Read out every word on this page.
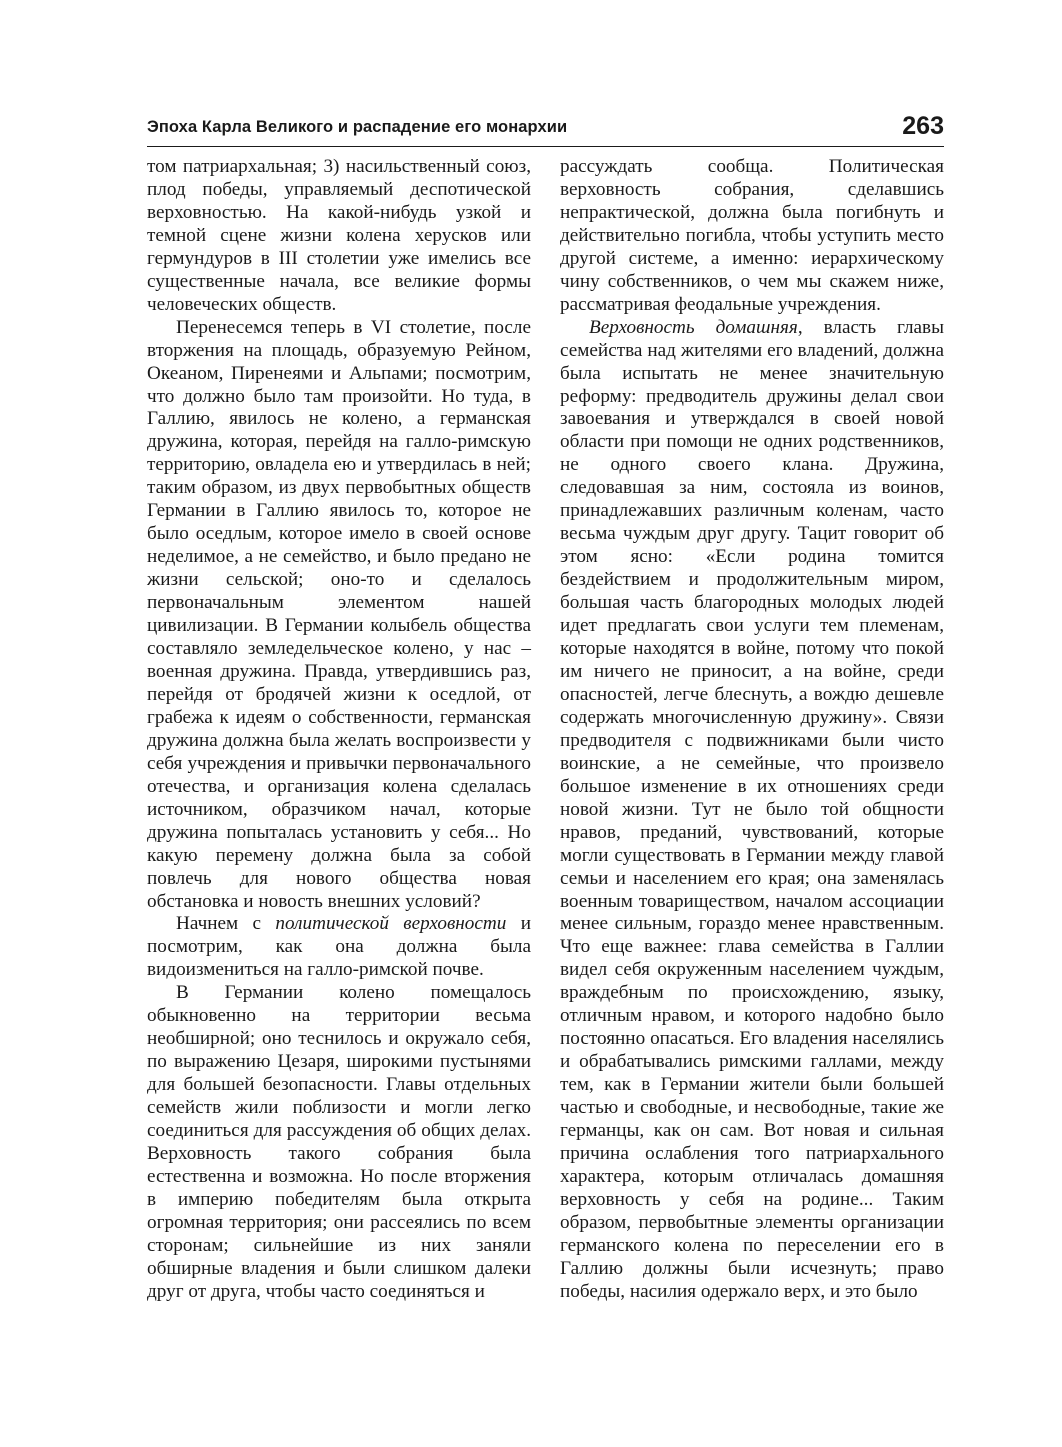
Эпоха Карла Великого и распадение его монархии	263

том патриархальная; 3) насильственный союз, плод победы, управляемый деспотической верховностью. На какой-нибудь узкой и темной сцене жизни колена херусков или гермундуров в III столетии уже имелись все существенные начала, все великие формы человеческих обществ.

Перенесемся теперь в VI столетие, после вторжения на площадь, образуемую Рейном, Океаном, Пиренеями и Альпами; посмотрим, что должно было там произойти. Но туда, в Галлию, явилось не колено, а германская дружина, которая, перейдя на галло-римскую территорию, овладела ею и утвердилась в ней; таким образом, из двух первобытных обществ Германии в Галлию явилось то, которое не было оседлым, которое имело в своей основе неделимое, а не семейство, и было предано не жизни сельской; оно-то и сделалось первоначальным элементом нашей цивилизации. В Германии колыбель общества составляло земледельческое колено, у нас – военная дружина. Правда, утвердившись раз, перейдя от бродячей жизни к оседлой, от грабежа к идеям о собственности, германская дружина должна была желать воспроизвести у себя учреждения и привычки первоначального отечества, и организация колена сделалась источником, образчиком начал, которые дружина попыталась установить у себя... Но какую перемену должна была за собой повлечь для нового общества новая обстановка и новость внешних условий?

Начнем с политической верховности и посмотрим, как она должна была видоизмениться на галло-римской почве.

В Германии колено помещалось обыкновенно на территории весьма необширной; оно теснилось и окружало себя, по выражению Цезаря, широкими пустынями для большей безопасности. Главы отдельных семейств жили поблизости и могли легко соединиться для рассуждения об общих делах. Верховность такого собрания была естественна и возможна. Но после вторжения в империю победителям была открыта огромная территория; они рассеялись по всем сторонам; сильнейшие из них заняли обширные владения и были слишком далеки друг от друга, чтобы часто соединяться и

рассуждать сообща. Политическая верховность собрания, сделавшись непрактической, должна была погибнуть и действительно погибла, чтобы уступить место другой системе, а именно: иерархическому чину собственников, о чем мы скажем ниже, рассматривая феодальные учреждения.

Верховность домашняя, власть главы семейства над жителями его владений, должна была испытать не менее значительную реформу: предводитель дружины делал свои завоевания и утверждался в своей новой области при помощи не одних родственников, не одного своего клана. Дружина, следовавшая за ним, состояла из воинов, принадлежавших различным коленам, часто весьма чуждым друг другу. Тацит говорит об этом ясно: «Если родина томится бездействием и продолжительным миром, большая часть благородных молодых людей идет предлагать свои услуги тем племенам, которые находятся в войне, потому что покой им ничего не приносит, а на войне, среди опасностей, легче блеснуть, а вождю дешевле содержать многочисленную дружину». Связи предводителя с подвижниками были чисто воинские, а не семейные, что произвело большое изменение в их отношениях среди новой жизни. Тут не было той общности нравов, преданий, чувствований, которые могли существовать в Германии между главой семьи и населением его края; она заменялась военным товариществом, началом ассоциации менее сильным, гораздо менее нравственным. Что еще важнее: глава семейства в Галлии видел себя окруженным населением чуждым, враждебным по происхождению, языку, отличным нравом, и которого надобно было постоянно опасаться. Его владения населялись и обрабатывались римскими галлами, между тем, как в Германии жители были большей частью и свободные, и несвободные, такие же германцы, как он сам. Вот новая и сильная причина ослабления того патриархального характера, которым отличалась домашняя верховность у себя на родине... Таким образом, первобытные элементы организации германского колена по переселении его в Галлию должны были исчезнуть; право победы, насилия одержало верх, и это было
